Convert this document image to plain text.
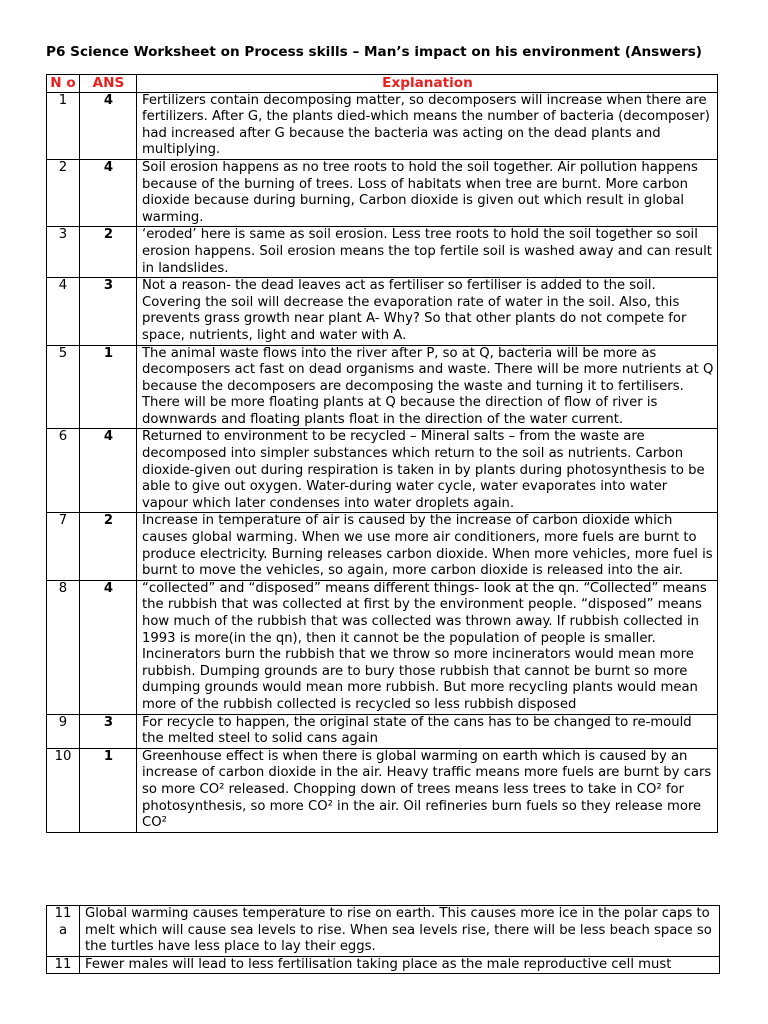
P6 Science Worksheet on Process skills – Man’s impact on his environment (Answers)
N o	ANS	Explanation
1	4	Fertilizers contain decomposing matter, so decomposers will increase when there are fertilizers. After G, the plants died-which means the number of bacteria (decomposer) had increased after G because the bacteria was acting on the dead plants and multiplying.
2	4	Soil erosion happens as no tree roots to hold the soil together. Air pollution happens because of the burning of trees. Loss of habitats when tree are burnt. More carbon dioxide because during burning, Carbon dioxide is given out which result in global warming.
3	2	‘eroded’ here is same as soil erosion. Less tree roots to hold the soil together so soil erosion happens. Soil erosion means the top fertile soil is washed away and can result in landslides.
4	3	Not a reason- the dead leaves act as fertiliser so fertiliser is added to the soil. Covering the soil will decrease the evaporation rate of water in the soil. Also, this prevents grass growth near plant A- Why? So that other plants do not compete for space, nutrients, light and water with A.
5	1	The animal waste flows into the river after P, so at Q, bacteria will be more as decomposers act fast on dead organisms and waste. There will be more nutrients at Q because the decomposers are decomposing the waste and turning it to fertilisers. There will be more floating plants at Q because the direction of flow of river is downwards and floating plants float in the direction of the water current.
6	4	Returned to environment to be recycled – Mineral salts – from the waste are decomposed into simpler substances which return to the soil as nutrients. Carbon dioxide-given out during respiration is taken in by plants during photosynthesis to be able to give out oxygen. Water-during water cycle, water evaporates into water vapour which later condenses into water droplets again.
7	2	Increase in temperature of air is caused by the increase of carbon dioxide which causes global warming. When we use more air conditioners, more fuels are burnt to produce electricity. Burning releases carbon dioxide. When more vehicles, more fuel is burnt to move the vehicles, so again, more carbon dioxide is released into the air.
8	4	“collected” and “disposed” means different things- look at the qn. “Collected” means the rubbish that was collected at first by the environment people. “disposed” means how much of the rubbish that was collected was thrown away. If rubbish collected in 1993 is more(in the qn), then it cannot be the population of people is smaller. Incinerators burn the rubbish that we throw so more incinerators would mean more rubbish. Dumping grounds are to bury those rubbish that cannot be burnt so more dumping grounds would mean more rubbish. But more recycling plants would mean more of the rubbish collected is recycled so less rubbish disposed
9	3	For recycle to happen, the original state of the cans has to be changed to re-mould the melted steel to solid cans again
10	1	Greenhouse effect is when there is global warming on earth which is caused by an increase of carbon dioxide in the air. Heavy traffic means more fuels are burnt by cars so more CO² released. Chopping down of trees means less trees to take in CO² for photosynthesis, so more CO² in the air. Oil refineries burn fuels so they release more CO²
11 a	Global warming causes temperature to rise on earth. This causes more ice in the polar caps to melt which will cause sea levels to rise. When sea levels rise, there will be less beach space so the turtles have less place to lay their eggs.
11	Fewer males will lead to less fertilisation taking place as the male reproductive cell must
